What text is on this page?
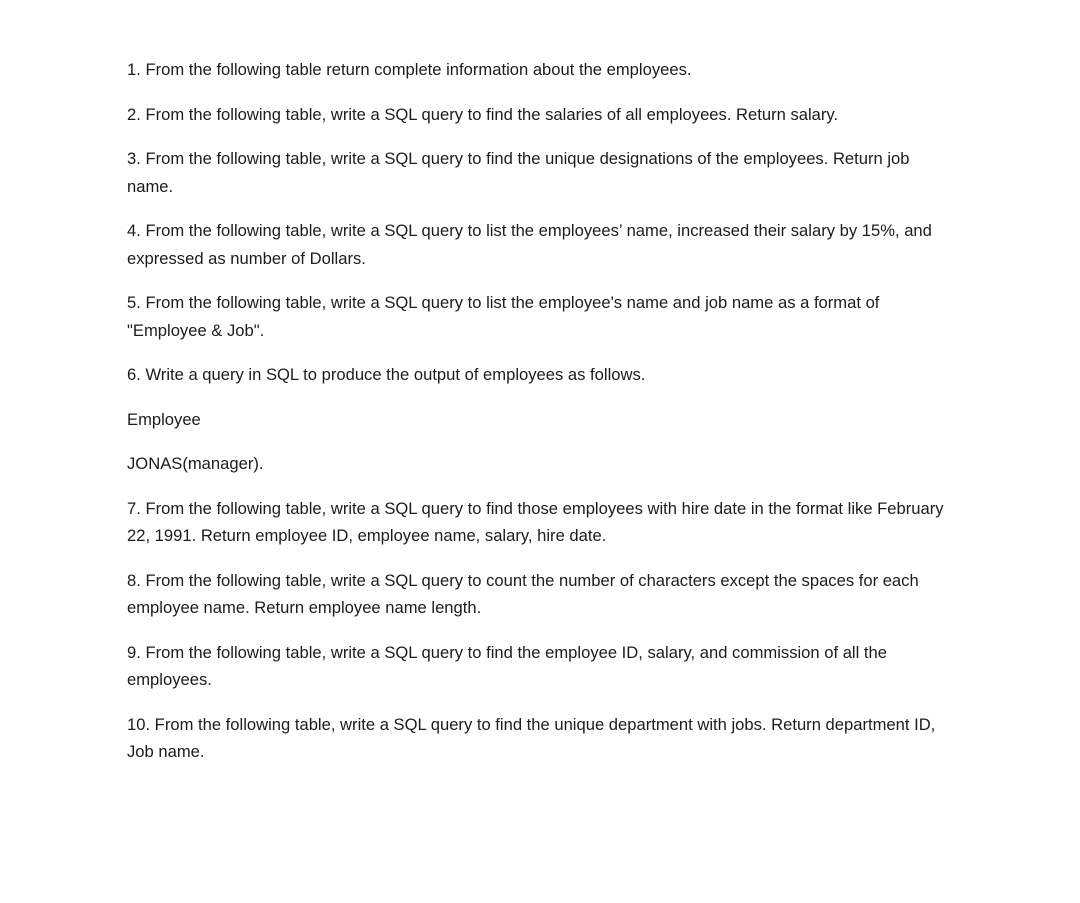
1. From the following table return complete information about the employees.

2. From the following table, write a SQL query to find the salaries of all employees. Return salary.

3. From the following table, write a SQL query to find the unique designations of the employees. Return job name.

4. From the following table, write a SQL query to list the employees’ name, increased their salary by 15%, and expressed as number of Dollars.

5. From the following table, write a SQL query to list the employee's name and job name as a format of "Employee & Job".

6. Write a query in SQL to produce the output of employees as follows.

Employee

JONAS(manager).

7. From the following table, write a SQL query to find those employees with hire date in the format like February 22, 1991. Return employee ID, employee name, salary, hire date.

8. From the following table, write a SQL query to count the number of characters except the spaces for each employee name. Return employee name length.

9. From the following table, write a SQL query to find the employee ID, salary, and commission of all the employees.

10. From the following table, write a SQL query to find the unique department with jobs. Return department ID, Job name.
